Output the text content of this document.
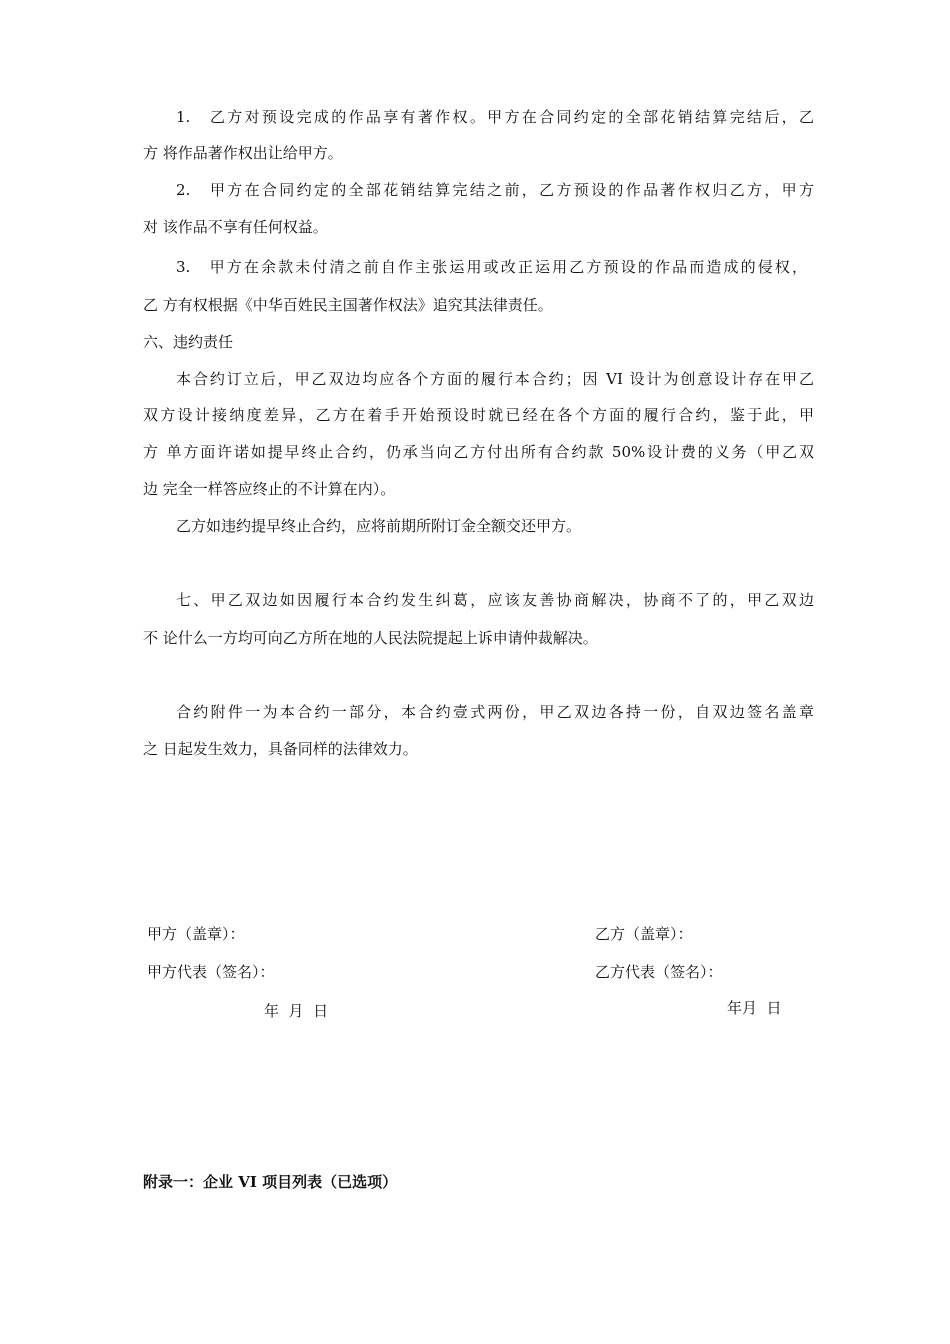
1.　乙方对预设完成的作品享有著作权。甲方在合同约定的全部花销结算完结后，乙
方 将作品著作权出让给甲方。
2.　甲方在合同约定的全部花销结算完结之前，乙方预设的作品著作权归乙方，甲方
对 该作品不享有任何权益。
3.　甲方在余款未付清之前自作主张运用或改正运用乙方预设的作品而造成的侵权，
乙 方有权根据《中华百姓民主国著作权法》追究其法律责任。
六、违约责任
本合约订立后，甲乙双边均应各个方面的履行本合约；因 VI 设计为创意设计存在甲乙
双方设计接纳度差异，乙方在着手开始预设时就已经在各个方面的履行合约，鉴于此，甲
方 单方面许诺如提早终止合约，仍承当向乙方付出所有合约款 50%设计费的义务（甲乙双
边 完全一样答应终止的不计算在内）。
乙方如违约提早终止合约，应将前期所附订金全额交还甲方。
七、甲乙双边如因履行本合约发生纠葛，应该友善协商解决，协商不了的，甲乙双边
不 论什么一方均可向乙方所在地的人民法院提起上诉申请仲裁解决。
合约附件一为本合约一部分，本合约壹式两份，甲乙双边各持一份，自双边签名盖章
之 日起发生效力，具备同样的法律效力。
甲方（盖章）：
甲方代表（签名）：
年  月  日
乙方（盖章）：
乙方代表（签名）：
年月  日
附录一：企业 VI 项目列表（已选项）
